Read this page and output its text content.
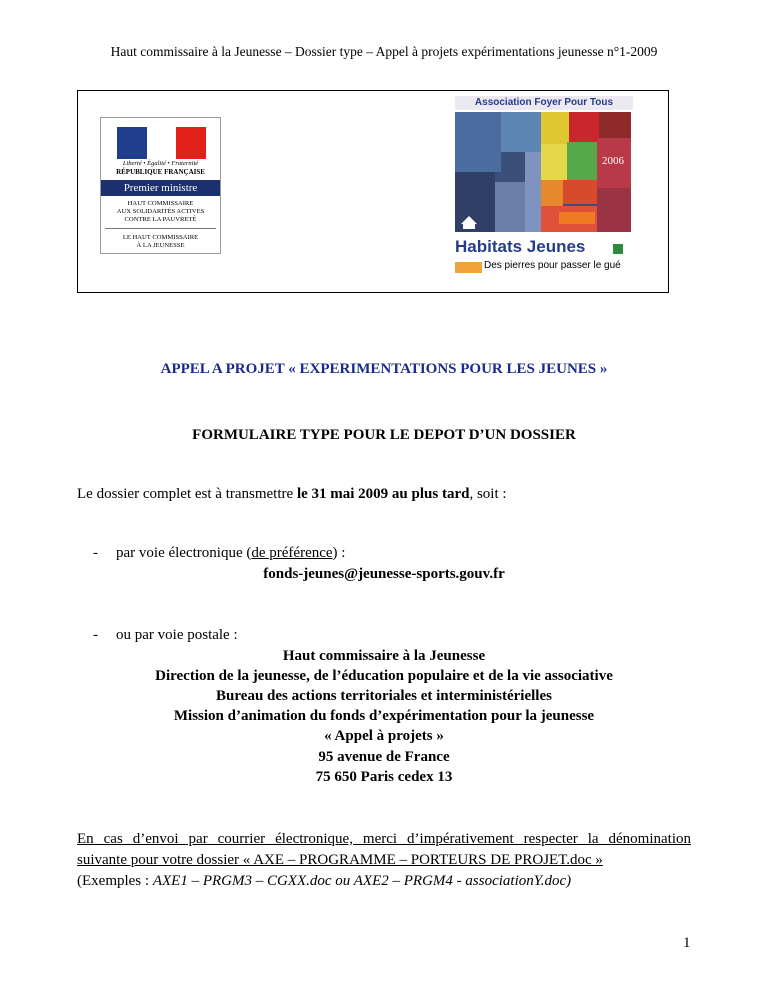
Haut commissaire à la Jeunesse – Dossier type – Appel à projets expérimentations jeunesse n°1-2009
Liberté • Égalité • Fraternité
RÉPUBLIQUE FRANÇAISE
Premier ministre
HAUT COMMISSAIRE
AUX SOLIDARITÉS ACTIVES
CONTRE LA PAUVRETÉ
LE HAUT COMMISSAIRE
À LA JEUNESSE
Association Foyer Pour Tous
2006
Habitats Jeunes
Des pierres pour passer le gué
APPEL A PROJET « EXPERIMENTATIONS POUR LES JEUNES »
FORMULAIRE TYPE POUR LE DEPOT D’UN DOSSIER
Le dossier complet est à transmettre le 31 mai 2009 au plus tard, soit :
- par voie électronique (de préférence) :
fonds-jeunes@jeunesse-sports.gouv.fr
- ou par voie postale :
Haut commissaire à la Jeunesse
Direction de la jeunesse, de l’éducation populaire et de la vie associative
Bureau des actions territoriales et interministérielles
Mission d’animation du fonds d’expérimentation pour la jeunesse
« Appel à projets »
95 avenue de France
75 650 Paris cedex 13
En cas d’envoi par courrier électronique, merci d’impérativement respecter la dénomination
suivante pour votre dossier « AXE – PROGRAMME – PORTEURS DE PROJET.doc »
(Exemples : AXE1 – PRGM3 – CGXX.doc ou AXE2 – PRGM4 - associationY.doc)
1
